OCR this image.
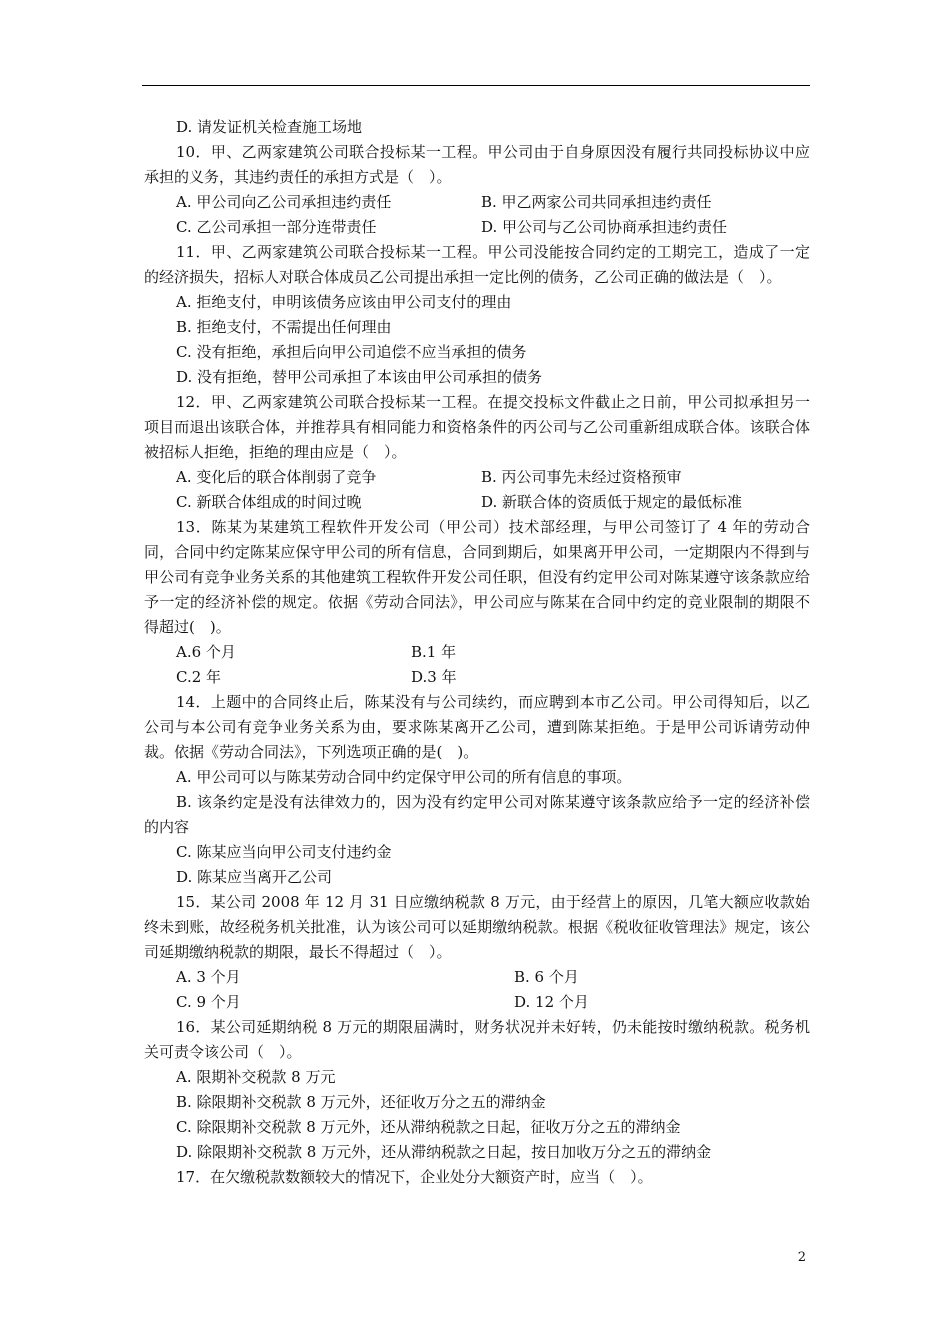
D. 请发证机关检查施工场地
10．甲、乙两家建筑公司联合投标某一工程。甲公司由于自身原因没有履行共同投标协议中应承担的义务，其违约责任的承担方式是（　）。
A. 甲公司向乙公司承担违约责任	B. 甲乙两家公司共同承担违约责任
C. 乙公司承担一部分连带责任	D. 甲公司与乙公司协商承担违约责任
11．甲、乙两家建筑公司联合投标某一工程。甲公司没能按合同约定的工期完工，造成了一定的经济损失，招标人对联合体成员乙公司提出承担一定比例的债务，乙公司正确的做法是（　）。
A. 拒绝支付，申明该债务应该由甲公司支付的理由
B. 拒绝支付，不需提出任何理由
C. 没有拒绝，承担后向甲公司追偿不应当承担的债务
D. 没有拒绝，替甲公司承担了本该由甲公司承担的债务
12．甲、乙两家建筑公司联合投标某一工程。在提交投标文件截止之日前，甲公司拟承担另一项目而退出该联合体，并推荐具有相同能力和资格条件的丙公司与乙公司重新组成联合体。该联合体被招标人拒绝，拒绝的理由应是（　）。
A. 变化后的联合体削弱了竞争	B. 丙公司事先未经过资格预审
C. 新联合体组成的时间过晚	D. 新联合体的资质低于规定的最低标准
13．陈某为某建筑工程软件开发公司（甲公司）技术部经理，与甲公司签订了 4 年的劳动合同，合同中约定陈某应保守甲公司的所有信息，合同到期后，如果离开甲公司，一定期限内不得到与甲公司有竞争业务关系的其他建筑工程软件开发公司任职，但没有约定甲公司对陈某遵守该条款应给予一定的经济补偿的规定。依据《劳动合同法》，甲公司应与陈某在合同中约定的竞业限制的期限不得超过(　)。
A.6 个月	B.1 年
C.2 年	D.3 年
14．上题中的合同终止后，陈某没有与公司续约，而应聘到本市乙公司。甲公司得知后，以乙公司与本公司有竞争业务关系为由，要求陈某离开乙公司，遭到陈某拒绝。于是甲公司诉请劳动仲裁。依据《劳动合同法》，下列选项正确的是(　)。
A. 甲公司可以与陈某劳动合同中约定保守甲公司的所有信息的事项。
B. 该条约定是没有法律效力的，因为没有约定甲公司对陈某遵守该条款应给予一定的经济补偿的内容
C. 陈某应当向甲公司支付违约金
D. 陈某应当离开乙公司
15．某公司 2008 年 12 月 31 日应缴纳税款 8 万元，由于经营上的原因，几笔大额应收款始终未到账，故经税务机关批准，认为该公司可以延期缴纳税款。根据《税收征收管理法》规定，该公司延期缴纳税款的期限，最长不得超过（　）。
A. 3 个月	B. 6 个月
C. 9 个月	D. 12 个月
16．某公司延期纳税 8 万元的期限届满时，财务状况并未好转，仍未能按时缴纳税款。税务机关可责令该公司（　）。
A. 限期补交税款 8 万元
B. 除限期补交税款 8 万元外，还征收万分之五的滞纳金
C. 除限期补交税款 8 万元外，还从滞纳税款之日起，征收万分之五的滞纳金
D. 除限期补交税款 8 万元外，还从滞纳税款之日起，按日加收万分之五的滞纳金
17．在欠缴税款数额较大的情况下，企业处分大额资产时，应当（　）。
2
